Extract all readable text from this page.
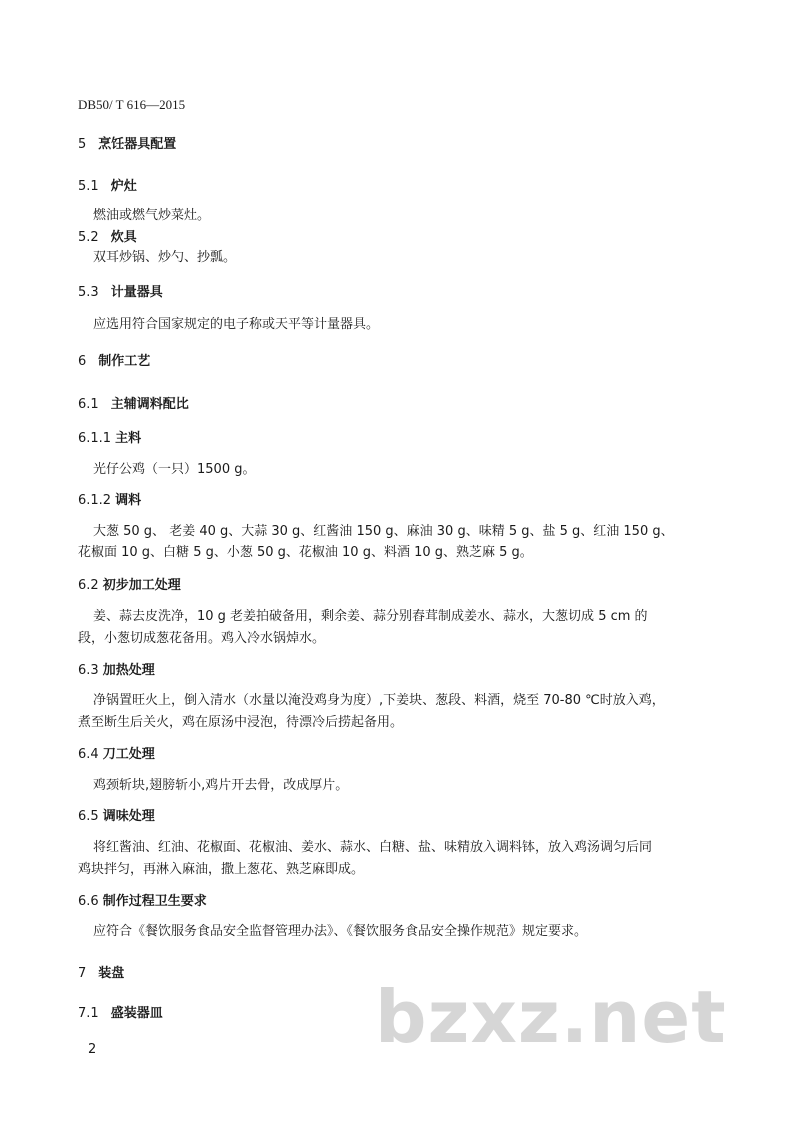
DB50/ T 616—2015
5 烹饪器具配置
5.1 炉灶
燃油或燃气炒菜灶。
5.2 炊具
双耳炒锅、炒勺、抄瓢。
5.3 计量器具
应选用符合国家规定的电子称或天平等计量器具。
6 制作工艺
6.1 主辅调料配比
6.1.1 主料
光仔公鸡（一只）1500 g。
6.1.2 调料
大葱 50 g、 老姜 40 g、大蒜 30 g、红酱油 150 g、麻油 30 g、味精 5 g、盐 5 g、红油 150 g、
花椒面 10 g、白糖 5 g、小葱 50 g、花椒油 10 g、料酒 10 g、熟芝麻 5 g。
6.2 初步加工处理
姜、蒜去皮洗净，10 g 老姜拍破备用，剩余姜、蒜分别舂茸制成姜水、蒜水，大葱切成 5 cm 的
段，小葱切成葱花备用。鸡入冷水锅焯水。
6.3 加热处理
净锅置旺火上，倒入清水（水量以淹没鸡身为度）,下姜块、葱段、料酒，烧至 70-80 ℃时放入鸡，
煮至断生后关火，鸡在原汤中浸泡，待漂冷后捞起备用。
6.4 刀工处理
鸡颈斩块,翅膀斩小,鸡片开去骨，改成厚片。
6.5 调味处理
将红酱油、红油、花椒面、花椒油、姜水、蒜水、白糖、盐、味精放入调料钵，放入鸡汤调匀后同
鸡块拌匀，再淋入麻油，撒上葱花、熟芝麻即成。
6.6 制作过程卫生要求
应符合《餐饮服务食品安全监督管理办法》、《餐饮服务食品安全操作规范》规定要求。
7 装盘
7.1 盛装器皿	bzxz.net
2
